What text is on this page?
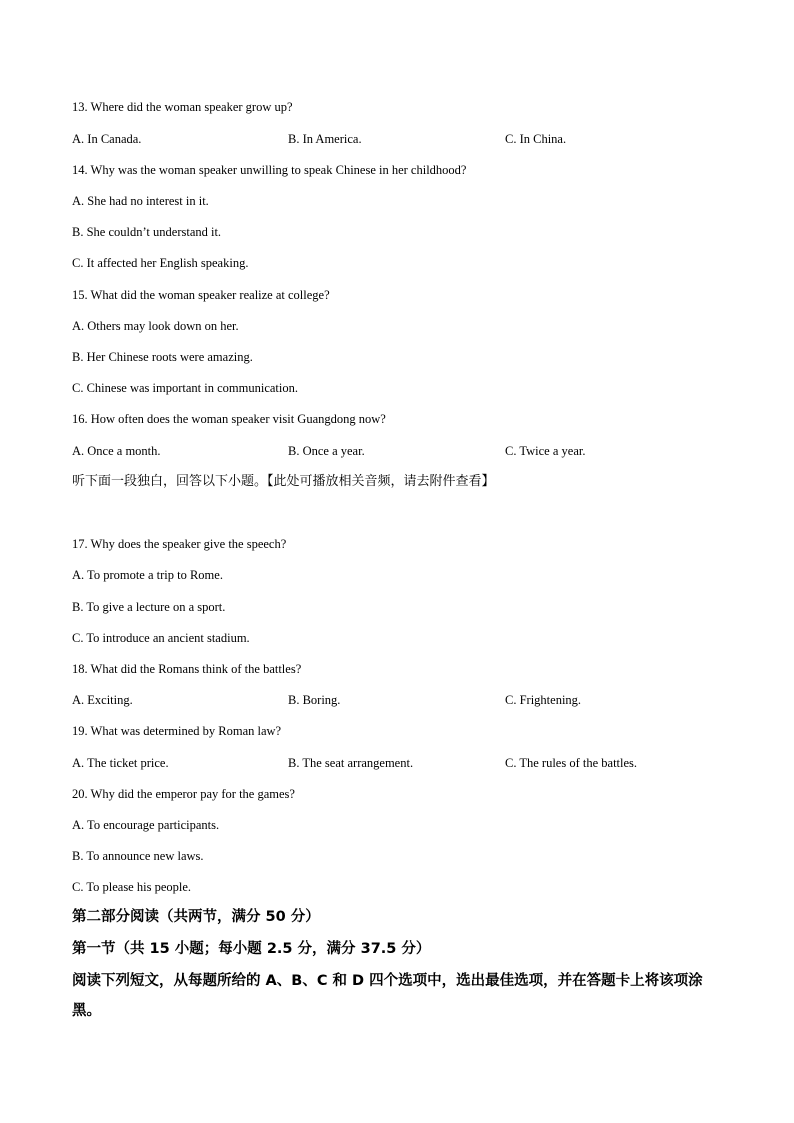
13. Where did the woman speaker grow up?
A. In Canada.	B. In America.	C. In China.
14. Why was the woman speaker unwilling to speak Chinese in her childhood?
A. She had no interest in it.
B. She couldn’t understand it.
C. It affected her English speaking.
15. What did the woman speaker realize at college?
A. Others may look down on her.
B. Her Chinese roots were amazing.
C. Chinese was important in communication.
16. How often does the woman speaker visit Guangdong now?
A. Once a month.	B. Once a year.	C. Twice a year.
听下面一段独白，回答以下小题。【此处可播放相关音频，请去附件查看】
17. Why does the speaker give the speech?
A. To promote a trip to Rome.
B. To give a lecture on a sport.
C. To introduce an ancient stadium.
18. What did the Romans think of the battles?
A. Exciting.	B. Boring.	C. Frightening.
19. What was determined by Roman law?
A. The ticket price.	B. The seat arrangement.	C. The rules of the battles.
20. Why did the emperor pay for the games?
A. To encourage participants.
B. To announce new laws.
C. To please his people.
第二部分阅读（共两节，满分 50 分）
第一节（共 15 小题；每小题 2.5 分，满分 37.5 分）
阅读下列短文，从每题所给的 A、B、C 和 D 四个选项中，选出最佳选项，并在答题卡上将该项涂黑。
